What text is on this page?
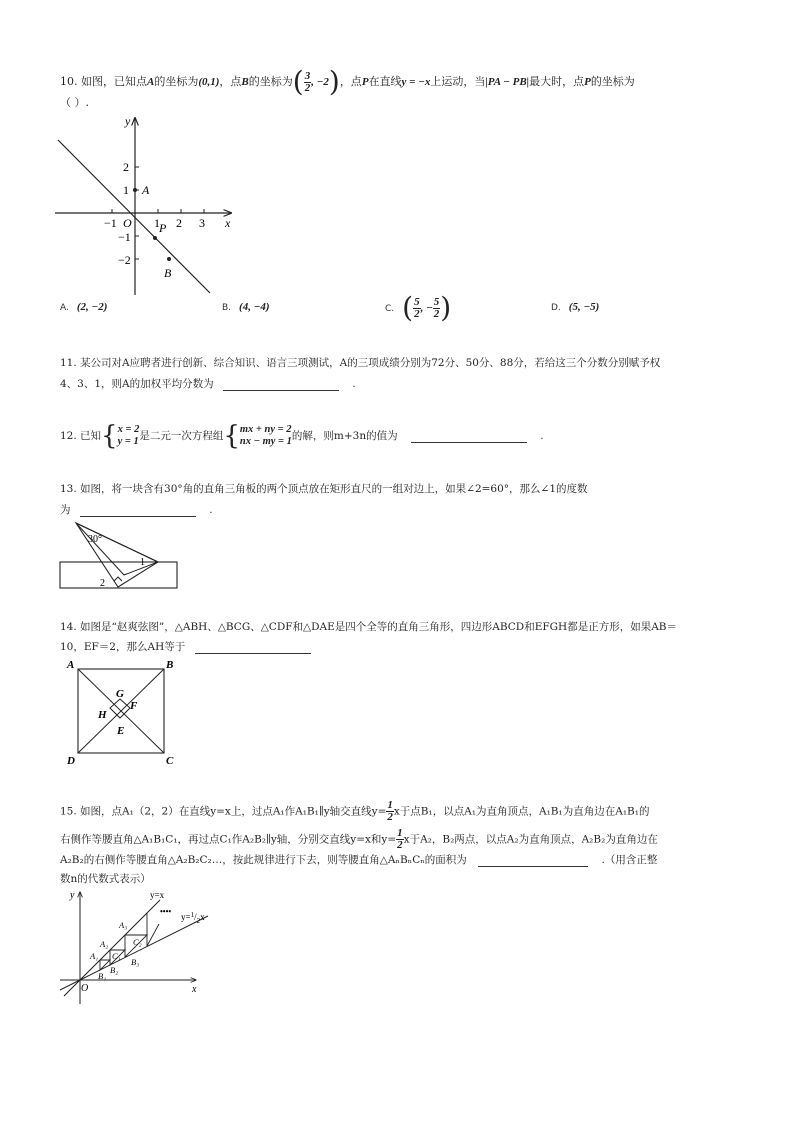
10. 如图，已知点A的坐标为(0,1)，点B的坐标为( $\frac{3}{2}$ , −2)，点P在直线y = −x上运动，当|PA − PB|最大时，点P的坐标为
（ ）.
−1	1 2 3
2
1
−1
−2
y
x
O
A
P
B
A. (2, −2)	B. (4, −4)	C. ( $\frac{5}{2}$ , − $\frac{5}{2}$ )	D. (5, −5)
11. 某公司对A应聘者进行创新、综合知识、语言三项测试，A的三项成绩分别为72分、50分、88分，若给这三个分数分别赋予权
4、3、1，则A的加权平均分数为	.
12. 已知{ x = 2
y = 1 是二元一次方程组{ mx + ny = 2
nx − my = 1 的解，则m+3n的值为	.
13. 如图，将一块含有30°角的直角三角板的两个顶点放在矩形直尺的一组对边上，如果∠2=60°，那么∠1的度数
为	.
30°
1
2
14. 如图是“赵爽弦图”，△ABH、△BCG、△CDF和△DAE是四个全等的直角三角形，四边形ABCD和EFGH都是正方形，如果AB＝
10，EF＝2，那么AH等于
A	B
D	C
G
F
H
E
15. 如图，点A₁（2，2）在直线y=x上，过点A₁作A₁B₁∥y轴交直线$y= \frac{1}{2}$ x于点B₁，以点A₁为直角顶点，A₁B₁为直角边在A₁B₁的
右侧作等腰直角△A₁B₁C₁，再过点C₁作A₂B₂∥y轴，分别交直线y=x和$y= \frac{1}{2}$ x于A₂，B₂两点，以点A₂为直角顶点，A₂B₂为直角边在
A₂B₂的右侧作等腰直角△A₂B₂C₂…，按此规律进行下去，则等腰直角△AₙBₙCₙ的面积为	.（用含正整
数n的代数式表示）
y
x
O
y=x
$y=^1/_2x$
••••
A₁
A₂
A₃
B₁
B₂
B₃
C₁
C₂
